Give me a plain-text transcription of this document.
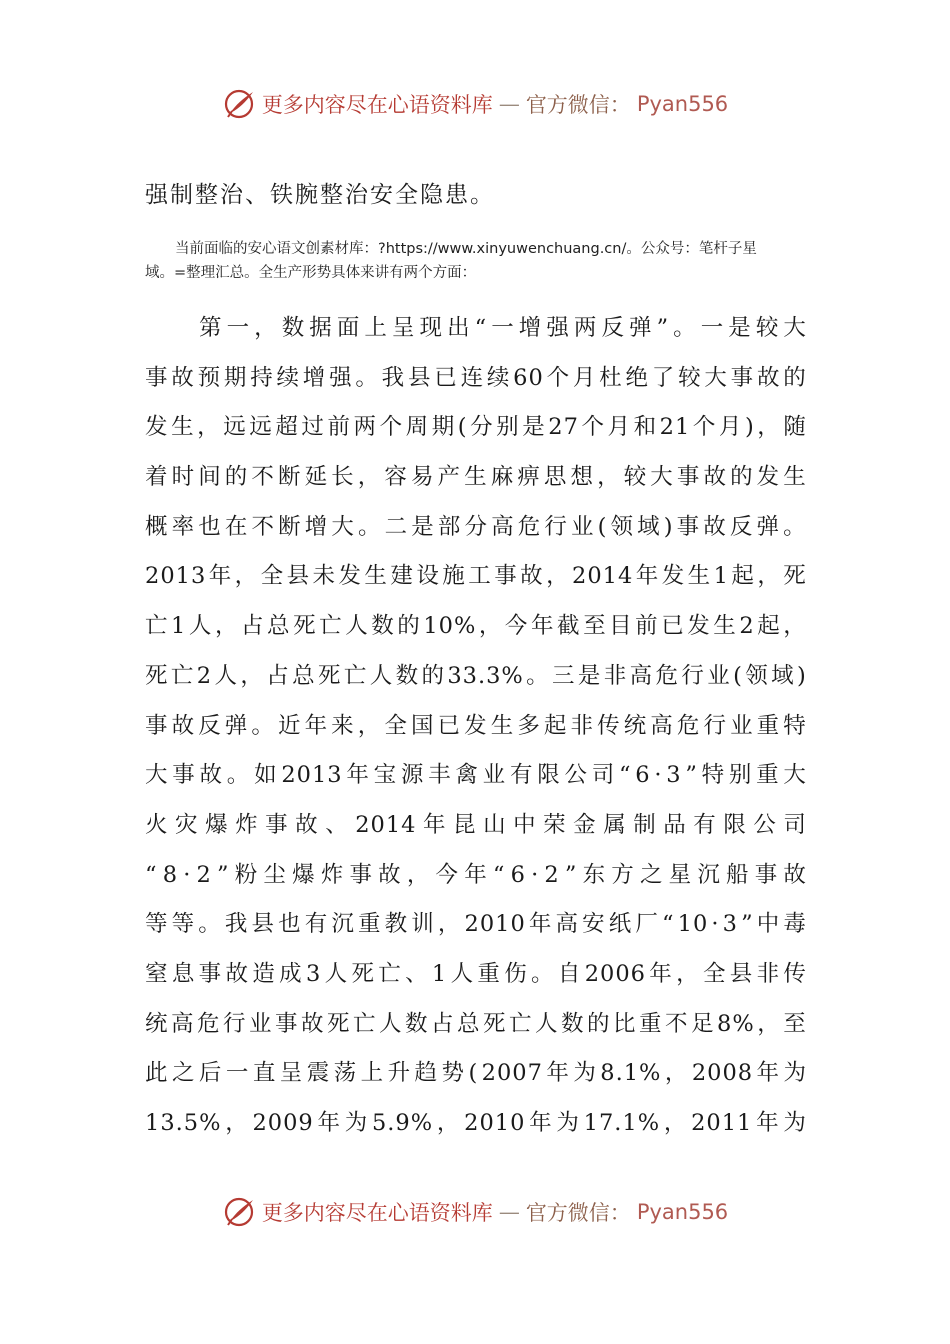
更多内容尽在心语资料库 — 官方微信： Pyan556
强制整治、铁腕整治安全隐患。
当前面临的安心语文创素材库：?https://www.xinyuwenchuang.cn/。公众号：笔杆子星
域。=整理汇总。全生产形势具体来讲有两个方面：
第 一 ， 数 据 面 上 呈 现 出 “ 一 增 强 两 反 弹 ” 。 一 是 较 大
事 故 预 期 持 续 增 强 。 我 县 已 连 续 60 个 月 杜 绝 了 较 大 事 故 的
发 生 ， 远 远 超 过 前 两 个 周 期 ( 分 别 是 27 个 月 和 21 个 月 ) ， 随
着 时 间 的 不 断 延 长 ， 容 易 产 生 麻 痹 思 想 ， 较 大 事 故 的 发 生
概 率 也 在 不 断 增 大 。 二 是 部 分 高 危 行 业 ( 领 域 ) 事 故 反 弹 。
2013 年 ， 全 县 未 发 生 建 设 施 工 事 故 ， 2014 年 发 生 1 起 ， 死
亡 1 人 ， 占 总 死 亡 人 数 的 10% ， 今 年 截 至 目 前 已 发 生 2 起 ，
死 亡 2 人 ， 占 总 死 亡 人 数 的 33.3% 。 三 是 非 高 危 行 业 ( 领 域 )
事 故 反 弹 。 近 年 来 ， 全 国 已 发 生 多 起 非 传 统 高 危 行 业 重 特
大 事 故 。 如 2013 年 宝 源 丰 禽 业 有 限 公 司 “ 6 · 3 ” 特 别 重 大
火 灾 爆 炸 事 故 、 2014 年 昆 山 中 荣 金 属 制 品 有 限 公 司
“ 8 · 2 ” 粉 尘 爆 炸 事 故 ， 今 年 “ 6 · 2 ” 东 方 之 星 沉 船 事 故
等 等 。 我 县 也 有 沉 重 教 训 ， 2010 年 高 安 纸 厂 “ 10 · 3 ” 中 毒
窒 息 事 故 造 成 3 人 死 亡 、 1 人 重 伤 。 自 2006 年 ， 全 县 非 传
统 高 危 行 业 事 故 死 亡 人 数 占 总 死 亡 人 数 的 比 重 不 足 8% ， 至
此 之 后 一 直 呈 震 荡 上 升 趋 势 ( 2007 年 为 8.1% ， 2008 年 为
13.5% ， 2009 年 为 5.9% ， 2010 年 为 17.1% ， 2011 年 为
更多内容尽在心语资料库 — 官方微信： Pyan556
